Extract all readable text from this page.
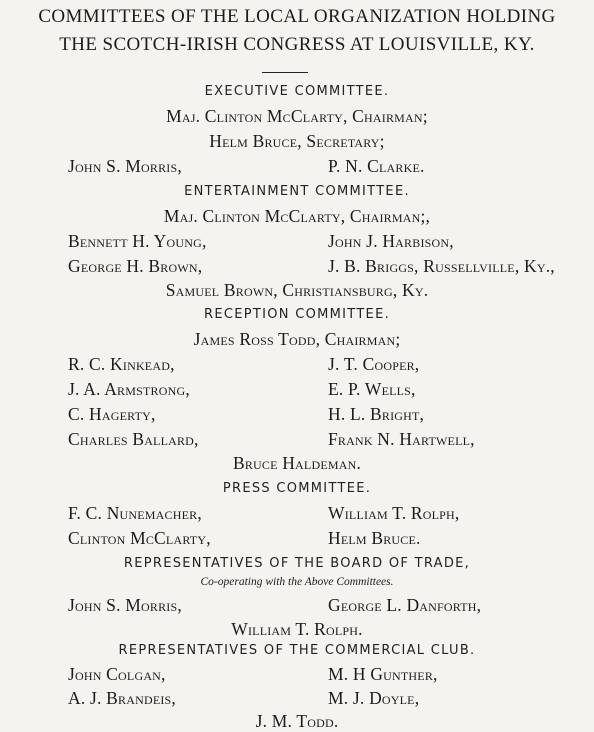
COMMITTEES OF THE LOCAL ORGANIZATION HOLDING
THE SCOTCH-IRISH CONGRESS AT LOUISVILLE, KY.
EXECUTIVE COMMITTEE.
Maj. Clinton McClarty, Chairman;
Helm Bruce, Secretary;
John S. Morris,	P. N. Clarke.
ENTERTAINMENT COMMITTEE.
Maj. Clinton McClarty, Chairman;,
Bennett H. Young,	John J. Harbison,
George H. Brown,	J. B. Briggs, Russellville, Ky.,
Samuel Brown, Christiansburg, Ky.
RECEPTION COMMITTEE.
James Ross Todd, Chairman;
R. C. Kinkead,	J. T. Cooper,
J. A. Armstrong,	E. P. Wells,
C. Hagerty,	H. L. Bright,
Charles Ballard,	Frank N. Hartwell,
Bruce Haldeman.
PRESS COMMITTEE.
F. C. Nunemacher,	William T. Rolph,
Clinton McClarty,	Helm Bruce.
REPRESENTATIVES OF THE BOARD OF TRADE,
Co-operating with the Above Committees.
John S. Morris,	George L. Danforth,
William T. Rolph.
REPRESENTATIVES OF THE COMMERCIAL CLUB.
John Colgan,	M. H Gunther,
A. J. Brandeis,	M. J. Doyle,
J. M. Todd.
